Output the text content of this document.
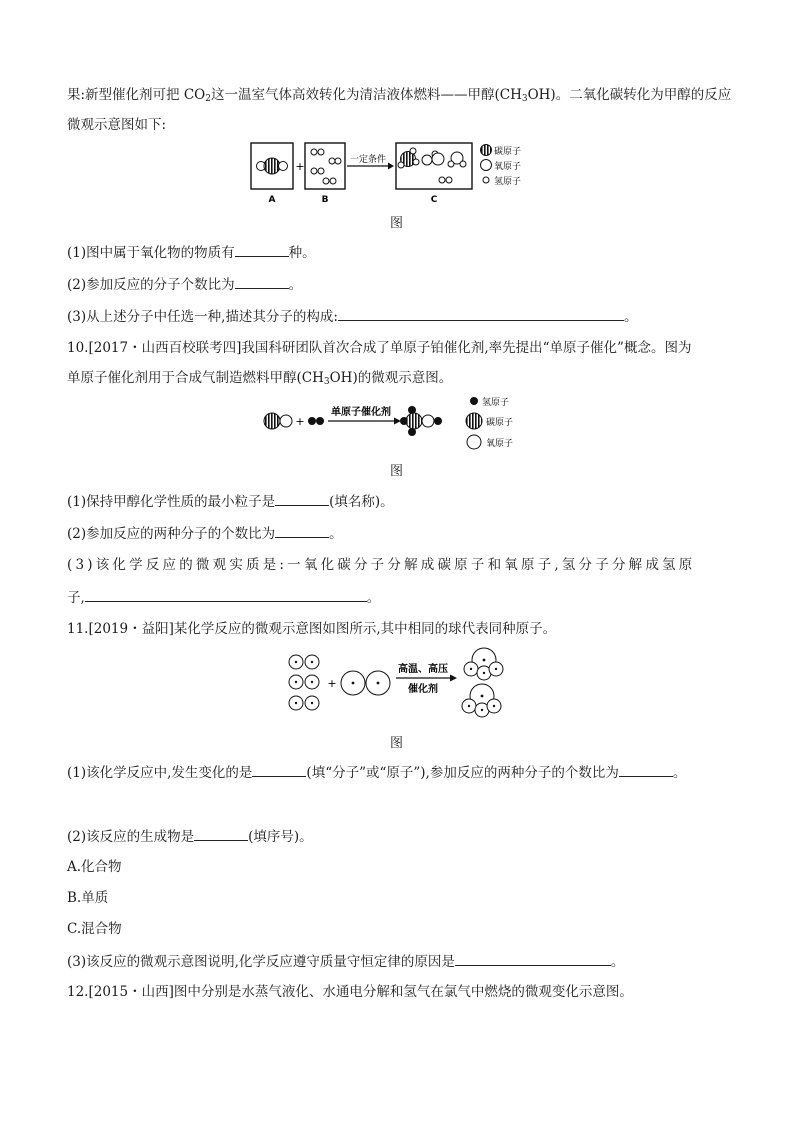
果:新型催化剂可把 $CO_2$这一温室气体高效转化为清洁液体燃料——甲醇$(CH_3OH)$。二氧化碳转化为甲醇的反应
微观示意图如下:
A
+
B
一定条件
C
碳原子
氧原子
氢原子
图
(1)图中属于氧化物的物质有	种。
(2)参加反应的分子个数比为	。
(3)从上述分子中任选一种,描述其分子的构成:	。
10.[2017・山西百校联考四]我国科研团队首次合成了单原子铂催化剂,率先提出“单原子催化”概念。图为
单原子催化剂用于合成气制造燃料甲醇$(CH_3OH)$的微观示意图。
+
单原子催化剂
氢原子
碳原子
氧原子
图
(1)保持甲醇化学性质的最小粒子是	(填名称)。
(2)参加反应的两种分子的个数比为	。
(3)该化学反应的微观实质是:一氧化碳分子分解成碳原子和氧原子,氢分子分解成氢原
子,	。
11.[2019・益阳]某化学反应的微观示意图如图所示,其中相同的球代表同种原子。
+
高温、高压
催化剂
图
(1)该化学反应中,发生变化的是	(填“分子”或“原子”),参加反应的两种分子的个数比为	。
(2)该反应的生成物是	(填序号)。
A.化合物
B.单质
C.混合物
(3)该反应的微观示意图说明,化学反应遵守质量守恒定律的原因是	。
12.[2015・山西]图中分别是水蒸气液化、水通电分解和氢气在氯气中燃烧的微观变化示意图。
